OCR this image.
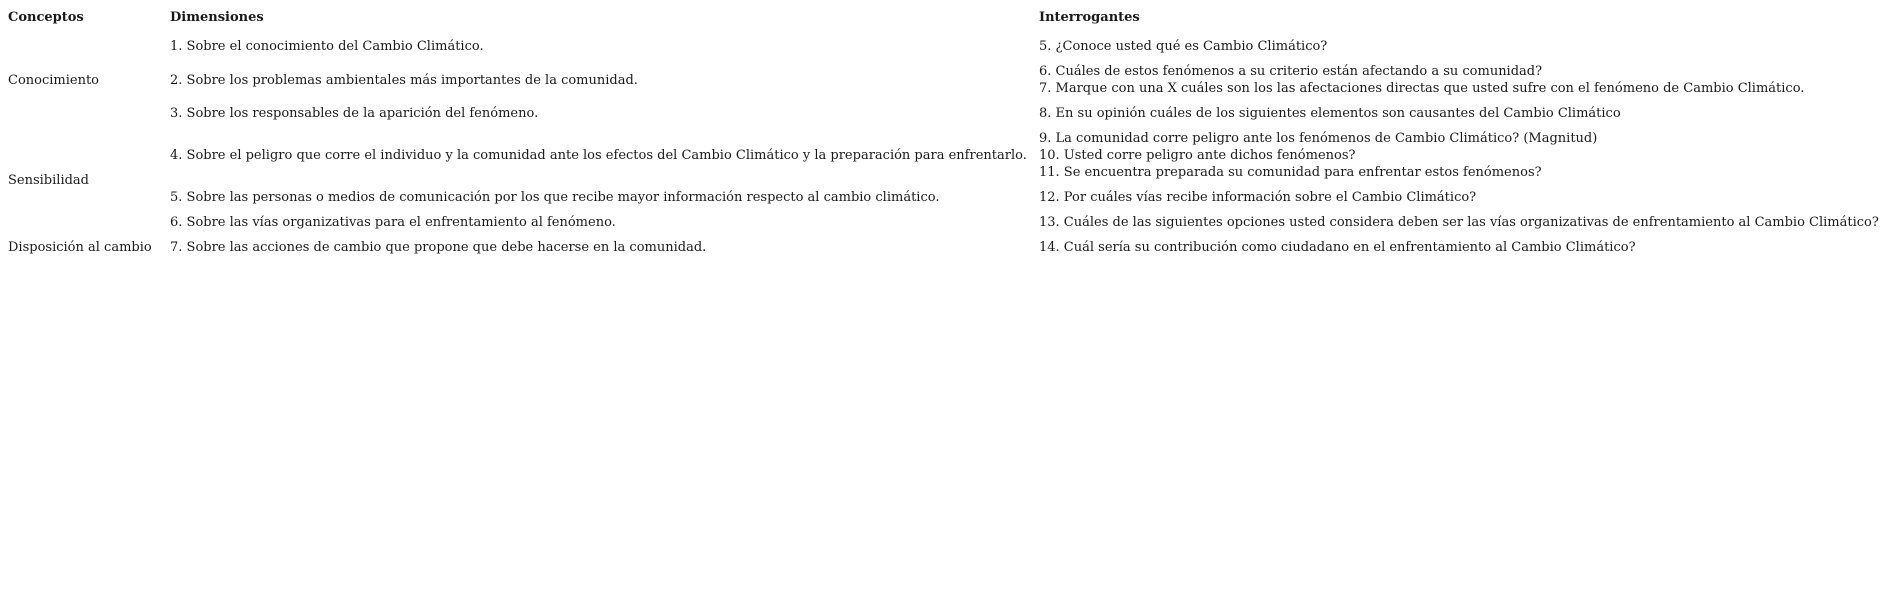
Conceptos	Dimensiones	Interrogantes
Conocimiento	1. Sobre el conocimiento del Cambio Climático.	5. ¿Conoce usted qué es Cambio Climático?

	2. Sobre los problemas ambientales más importantes de la comunidad.	6. Cuáles de estos fenómenos a su criterio están afectando a su comunidad?
7. Marque con una X cuáles son los las afectaciones directas que usted sufre con el fenómeno de Cambio Climático.

	3. Sobre los responsables de la aparición del fenómeno.	8. En su opinión cuáles de los siguientes elementos son causantes del Cambio Climático

Sensibilidad	4. Sobre el peligro que corre el individuo y la comunidad ante los efectos del Cambio Climático y la preparación para enfrentarlo.	9. La comunidad corre peligro ante los fenómenos de Cambio Climático? (Magnitud)
10. Usted corre peligro ante dichos fenómenos?
11. Se encuentra preparada su comunidad para enfrentar estos fenómenos?

	5. Sobre las personas o medios de comunicación por los que recibe mayor información respecto al cambio climático.	12. Por cuáles vías recibe información sobre el Cambio Climático?

	6. Sobre las vías organizativas para el enfrentamiento al fenómeno.	13. Cuáles de las siguientes opciones usted considera deben ser las vías organizativas de enfrentamiento al Cambio Climático?

Disposición al cambio	7. Sobre las acciones de cambio que propone que debe hacerse en la comunidad.	14. Cuál sería su contribución como ciudadano en el enfrentamiento al Cambio Climático?
